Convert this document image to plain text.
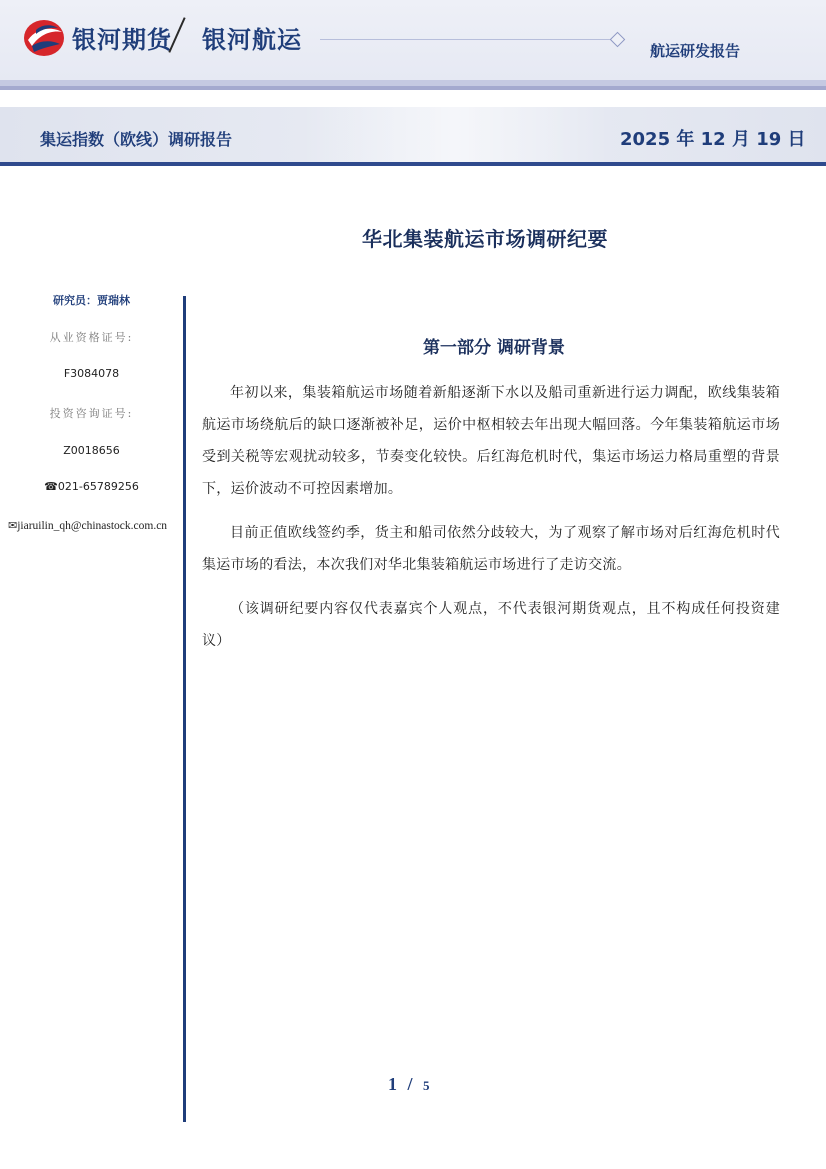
银河期货 银河航运	航运研发报告
集运指数（欧线）调研报告	2025 年 12 月 19 日
华北集装航运市场调研纪要
研究员：贾瑞林
从业资格证号:
F3084078
投资咨询证号:
Z0018656
☎021-65789256
✉jiaruilin_qh@chinastock.com.cn
第一部分 调研背景

年初以来，集装箱航运市场随着新船逐渐下水以及船司重新进行运力调配，欧线集装箱航运市场绕航后的缺口逐渐被补足，运价中枢相较去年出现大幅回落。今年集装箱航运市场受到关税等宏观扰动较多，节奏变化较快。后红海危机时代，集运市场运力格局重塑的背景下，运价波动不可控因素增加。

目前正值欧线签约季，货主和船司依然分歧较大，为了观察了解市场对后红海危机时代集运市场的看法，本次我们对华北集装箱航运市场进行了走访交流。

（该调研纪要内容仅代表嘉宾个人观点，不代表银河期货观点，且不构成任何投资建议）

1 / 5
